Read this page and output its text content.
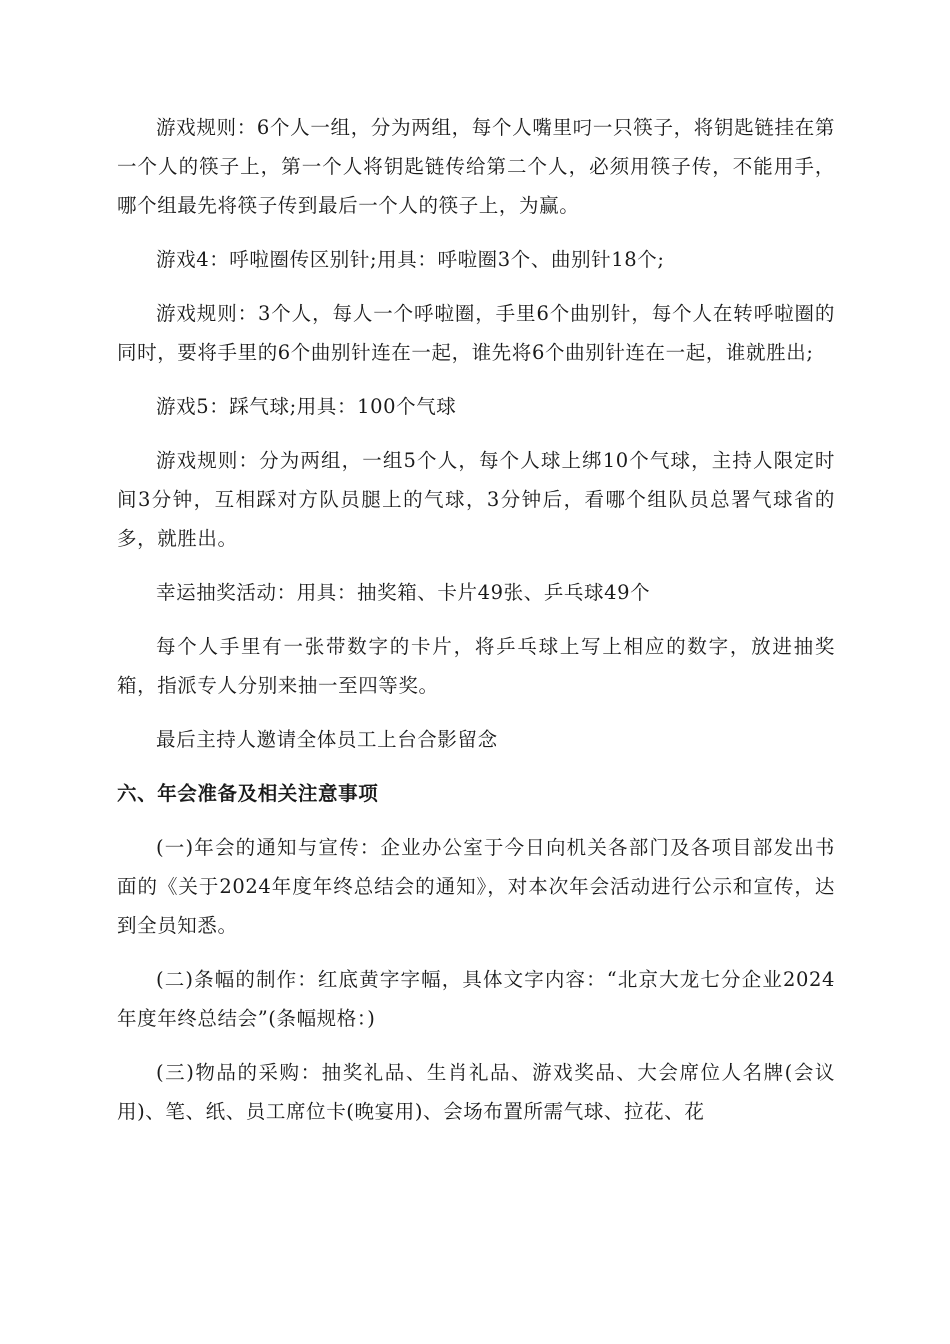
游戏规则：6个人一组，分为两组，每个人嘴里叼一只筷子，将钥匙链挂在第一个人的筷子上，第一个人将钥匙链传给第二个人，必须用筷子传，不能用手，哪个组最先将筷子传到最后一个人的筷子上，为赢。

游戏4：呼啦圈传区别针;用具：呼啦圈3个、曲别针18个;

游戏规则：3个人，每人一个呼啦圈，手里6个曲别针，每个人在转呼啦圈的同时，要将手里的6个曲别针连在一起，谁先将6个曲别针连在一起，谁就胜出;

游戏5：踩气球;用具：100个气球

游戏规则：分为两组，一组5个人，每个人球上绑10个气球，主持人限定时间3分钟，互相踩对方队员腿上的气球，3分钟后，看哪个组队员总署气球省的多，就胜出。

幸运抽奖活动：用具：抽奖箱、卡片49张、乒乓球49个

每个人手里有一张带数字的卡片，将乒乓球上写上相应的数字，放进抽奖箱，指派专人分别来抽一至四等奖。

最后主持人邀请全体员工上台合影留念

六、年会准备及相关注意事项

(一)年会的通知与宣传：企业办公室于今日向机关各部门及各项目部发出书面的《关于2024年度年终总结会的通知》，对本次年会活动进行公示和宣传，达到全员知悉。

(二)条幅的制作：红底黄字字幅，具体文字内容：“北京大龙七分企业2024年度年终总结会”(条幅规格：)

(三)物品的采购：抽奖礼品、生肖礼品、游戏奖品、大会席位人名牌(会议用)、笔、纸、员工席位卡(晚宴用)、会场布置所需气球、拉花、花
